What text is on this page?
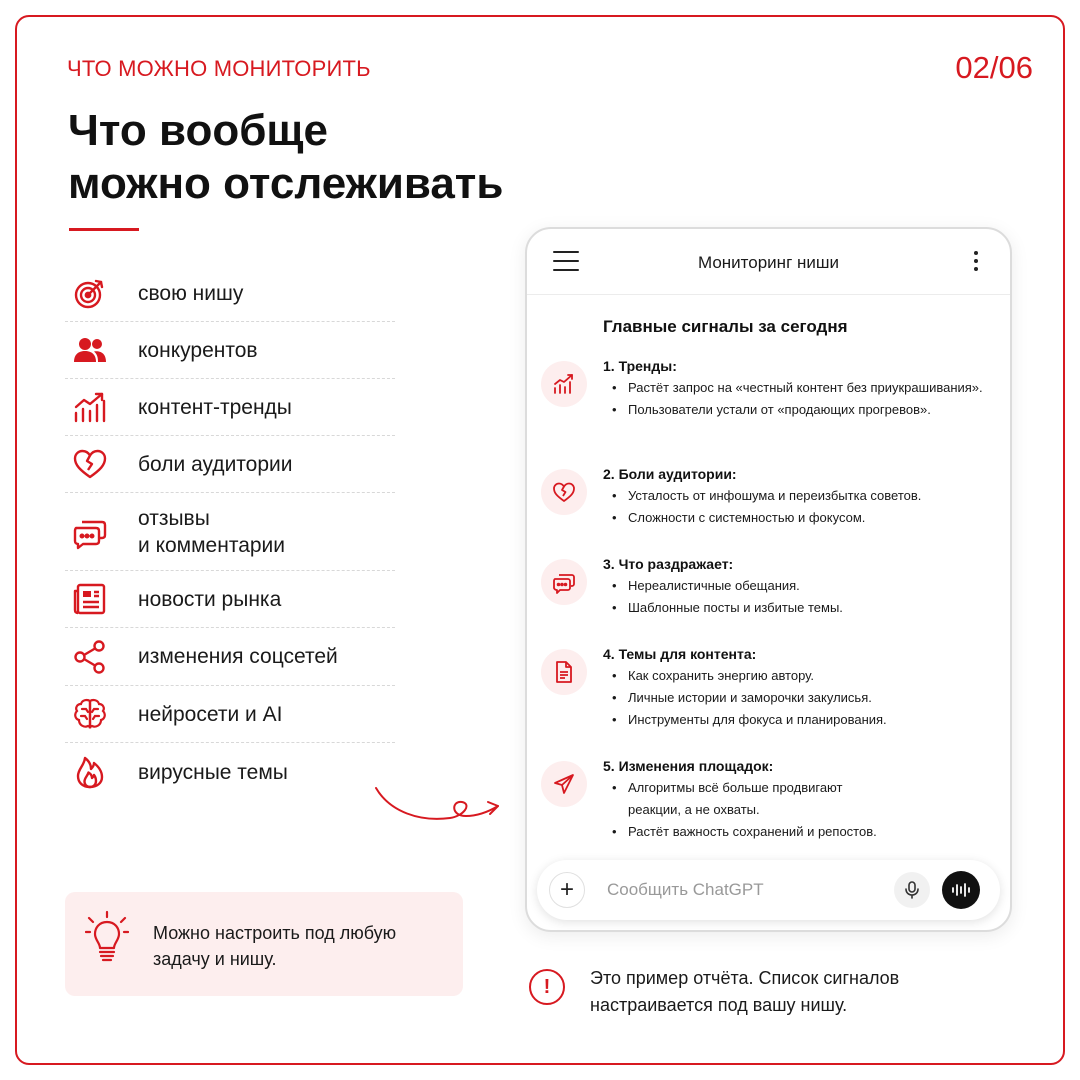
ЧТО МОЖНО МОНИТОРИТЬ	02/06
Что вообще
можно отслеживать
свою нишу
конкурентов
контент-тренды
боли аудитории
отзывы
и комментарии
новости рынка
изменения соцсетей
нейросети и AI
вирусные темы
Можно настроить под любую задачу и нишу.
Мониторинг ниши
Главные сигналы за сегодня
1. Тренды:
• Растёт запрос на «честный контент без приукрашивания».
• Пользователи устали от «продающих прогревов».
2. Боли аудитории:
• Усталость от инфошума и переизбытка советов.
• Сложности с системностью и фокусом.
3. Что раздражает:
• Нереалистичные обещания.
• Шаблонные посты и избитые темы.
4. Темы для контента:
• Как сохранить энергию автору.
• Личные истории и заморочки закулисья.
• Инструменты для фокуса и планирования.
5. Изменения площадок:
• Алгоритмы всё больше продвигают реакции, а не охваты.
• Растёт важность сохранений и репостов.
+
Сообщить ChatGPT
!	Это пример отчёта. Список сигналов настраивается под вашу нишу.
